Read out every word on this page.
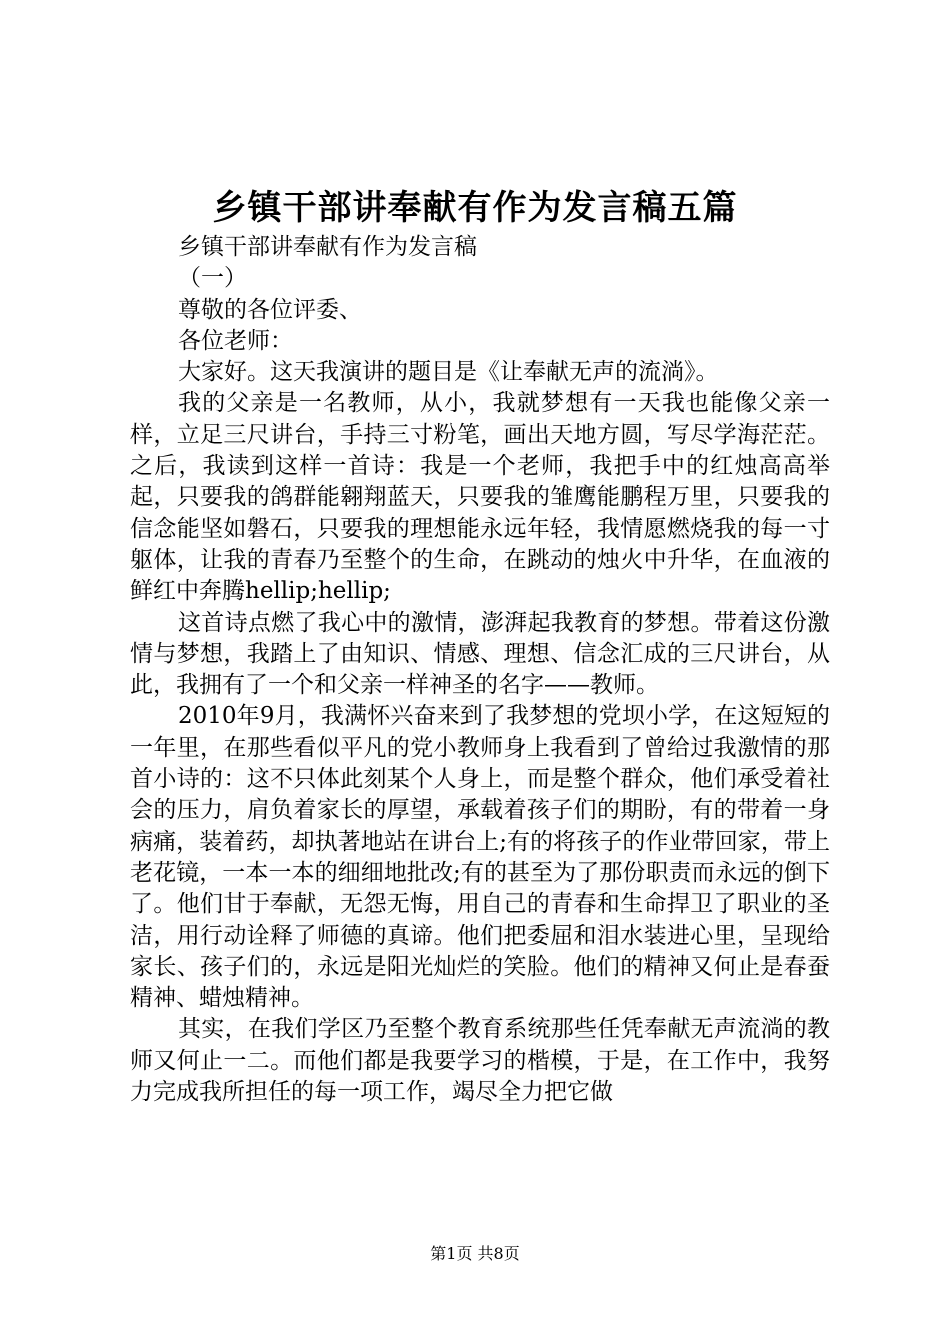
乡镇干部讲奉献有作为发言稿五篇

乡镇干部讲奉献有作为发言稿

（一）

尊敬的各位评委、

各位老师：

大家好。这天我演讲的题目是《让奉献无声的流淌》。

我的父亲是一名教师，从小，我就梦想有一天我也能像父亲一样，立足三尺讲台，手持三寸粉笔，画出天地方圆，写尽学海茫茫。之后，我读到这样一首诗：我是一个老师，我把手中的红烛高高举起，只要我的鸽群能翱翔蓝天，只要我的雏鹰能鹏程万里，只要我的信念能坚如磐石，只要我的理想能永远年轻，我情愿燃烧我的每一寸躯体，让我的青春乃至整个的生命，在跳动的烛火中升华，在血液的鲜红中奔腾hellip;hellip;

这首诗点燃了我心中的激情，澎湃起我教育的梦想。带着这份激情与梦想，我踏上了由知识、情感、理想、信念汇成的三尺讲台，从此，我拥有了一个和父亲一样神圣的名字——教师。

2010年9月，我满怀兴奋来到了我梦想的党坝小学，在这短短的一年里，在那些看似平凡的党小教师身上我看到了曾给过我激情的那首小诗的：这不只体此刻某个人身上，而是整个群众，他们承受着社会的压力，肩负着家长的厚望，承载着孩子们的期盼，有的带着一身病痛，装着药，却执著地站在讲台上;有的将孩子的作业带回家，带上老花镜，一本一本的细细地批改;有的甚至为了那份职责而永远的倒下了。他们甘于奉献，无怨无悔，用自己的青春和生命捍卫了职业的圣洁，用行动诠释了师德的真谛。他们把委屈和泪水装进心里，呈现给家长、孩子们的，永远是阳光灿烂的笑脸。他们的精神又何止是春蚕精神、蜡烛精神。

其实，在我们学区乃至整个教育系统那些任凭奉献无声流淌的教师又何止一二。而他们都是我要学习的楷模，于是，在工作中，我努力完成我所担任的每一项工作，竭尽全力把它做

第1页 共8页
